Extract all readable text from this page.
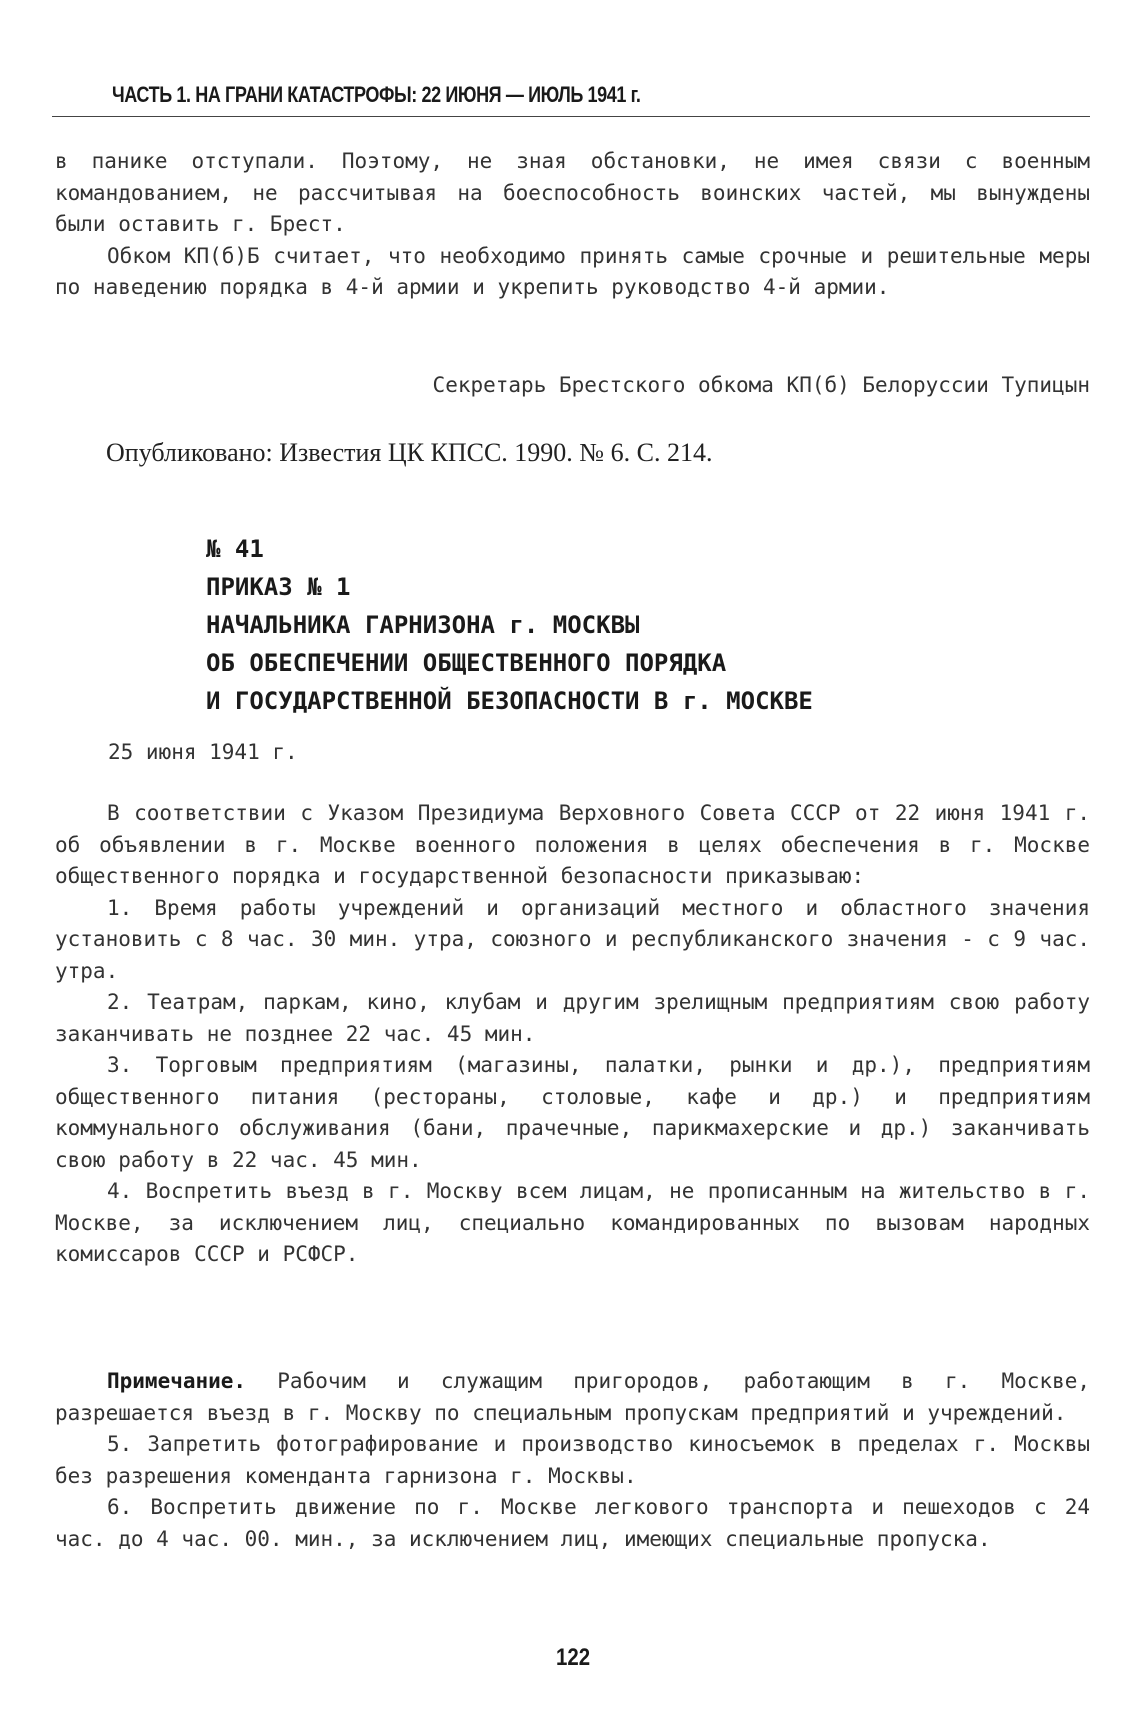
ЧАСТЬ 1. НА ГРАНИ КАТАСТРОФЫ: 22 ИЮНЯ — ИЮЛЬ 1941 г.

в панике отступали. Поэтому, не зная обстановки, не имея связи с военным командованием, не рассчитывая на боеспособность воинских частей, мы вынуждены были оставить г. Брест.

Обком КП(б)Б считает, что необходимо принять самые срочные и решительные меры по наведению порядка в 4-й армии и укрепить руководство 4-й армии.

Секретарь Брестского обкома КП(б) Белоруссии Тупицын
Опубликовано: Известия ЦК КПСС. 1990. № 6. С. 214.
№ 41
ПРИКАЗ № 1
НАЧАЛЬНИКА ГАРНИЗОНА г. МОСКВЫ
ОБ ОБЕСПЕЧЕНИИ ОБЩЕСТВЕННОГО ПОРЯДКА
И ГОСУДАРСТВЕННОЙ БЕЗОПАСНОСТИ В г. МОСКВЕ
25 июня 1941 г.

В соответствии с Указом Президиума Верховного Совета СССР от 22 июня 1941 г. об объявлении в г. Москве военного положения в целях обеспечения в г. Москве общественного порядка и государственной безопасности приказываю:

1. Время работы учреждений и организаций местного и областного значения установить с 8 час. 30 мин. утра, союзного и республиканского значения - с 9 час. утра.

2. Театрам, паркам, кино, клубам и другим зрелищным предприятиям свою работу заканчивать не позднее 22 час. 45 мин.

3. Торговым предприятиям (магазины, палатки, рынки и др.), предприятиям общественного питания (рестораны, столовые, кафе и др.) и предприятиям коммунального обслуживания (бани, прачечные, парикмахерские и др.) заканчивать свою работу в 22 час. 45 мин.

4. Воспретить въезд в г. Москву всем лицам, не прописанным на жительство в г. Москве, за исключением лиц, специально командированных по вызовам народных комиссаров СССР и РСФСР.

Примечание. Рабочим и служащим пригородов, работающим в г. Москве, разрешается въезд в г. Москву по специальным пропускам предприятий и учреждений.

5. Запретить фотографирование и производство киносъемок в пределах г. Москвы без разрешения коменданта гарнизона г. Москвы.

6. Воспретить движение по г. Москве легкового транспорта и пешеходов с 24 час. до 4 час. 00. мин., за исключением лиц, имеющих специальные пропуска.

122
